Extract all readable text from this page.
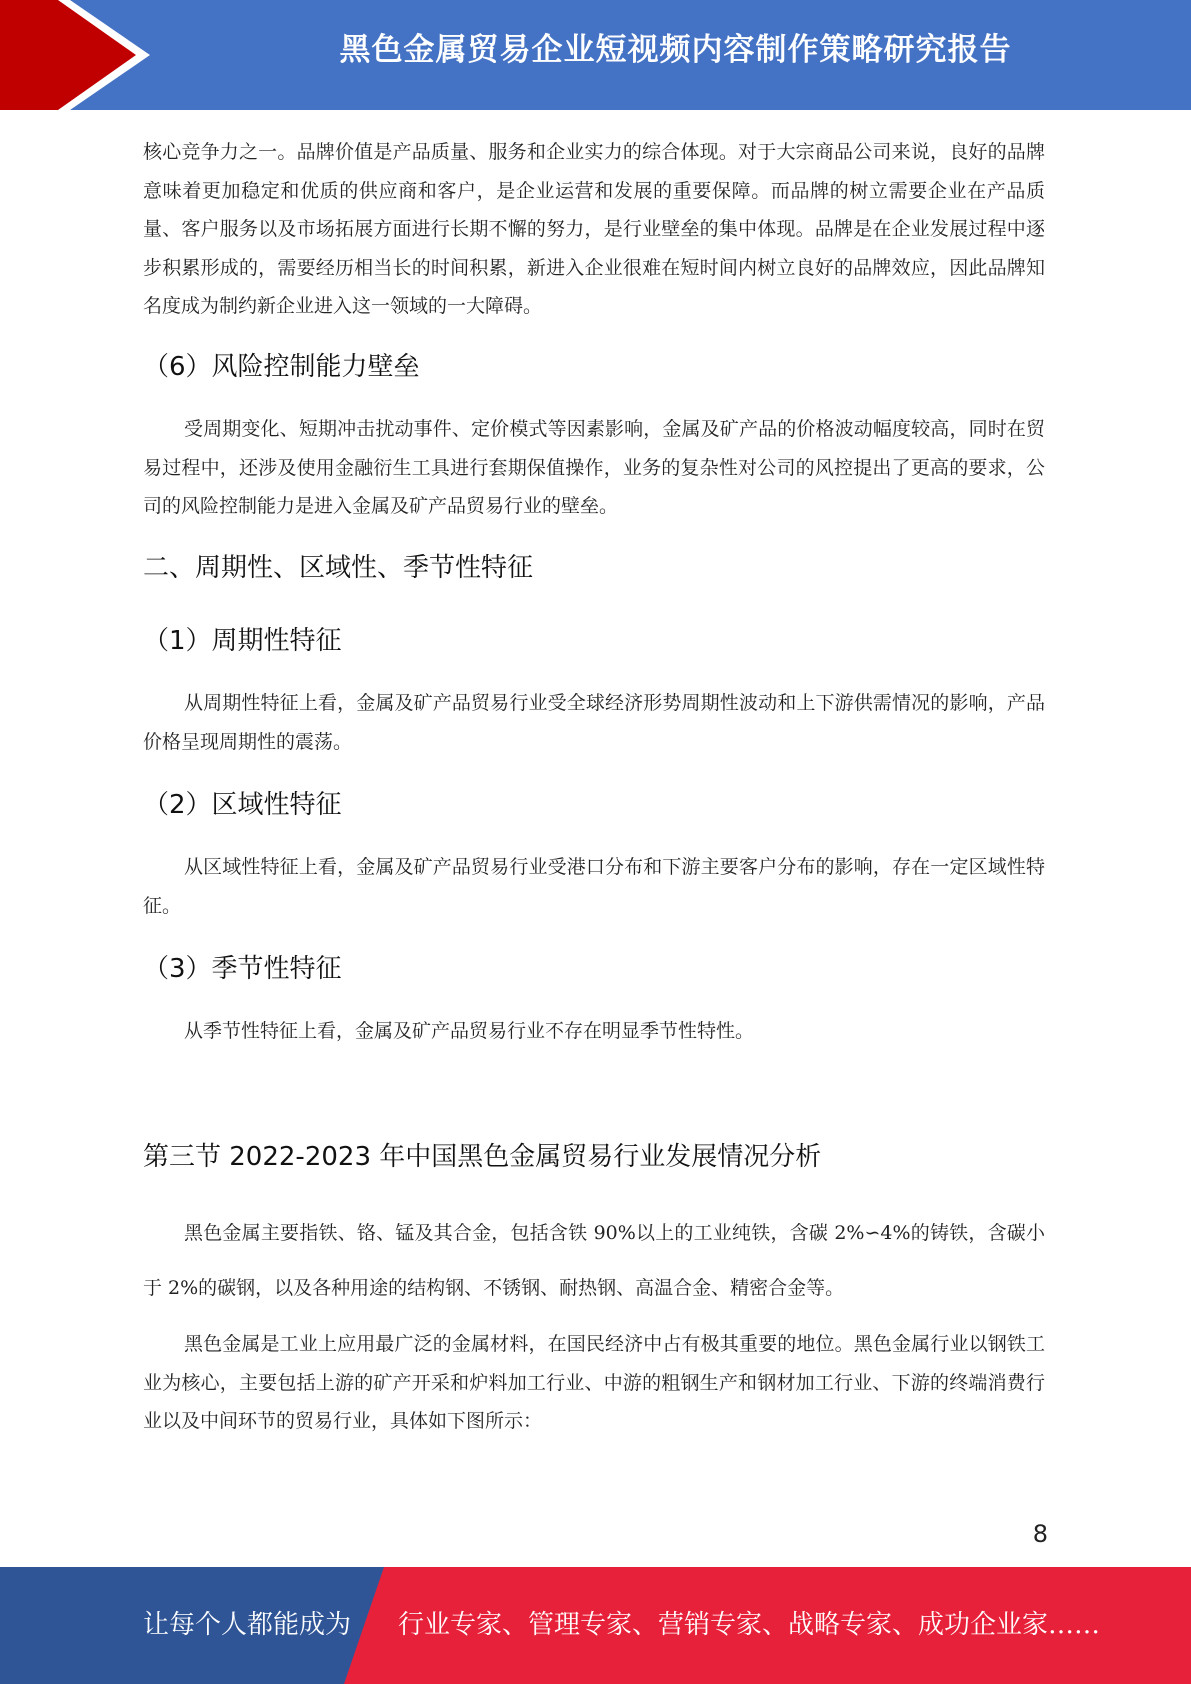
黑色金属贸易企业短视频内容制作策略研究报告

核心竞争力之一。品牌价值是产品质量、服务和企业实力的综合体现。对于大宗商品公司来说，良好的品牌意味着更加稳定和优质的供应商和客户，是企业运营和发展的重要保障。而品牌的树立需要企业在产品质量、客户服务以及市场拓展方面进行长期不懈的努力，是行业壁垒的集中体现。品牌是在企业发展过程中逐步积累形成的，需要经历相当长的时间积累，新进入企业很难在短时间内树立良好的品牌效应，因此品牌知名度成为制约新企业进入这一领域的一大障碍。

（6）风险控制能力壁垒

受周期变化、短期冲击扰动事件、定价模式等因素影响，金属及矿产品的价格波动幅度较高，同时在贸易过程中，还涉及使用金融衍生工具进行套期保值操作，业务的复杂性对公司的风控提出了更高的要求，公司的风险控制能力是进入金属及矿产品贸易行业的壁垒。

二、周期性、区域性、季节性特征
（1）周期性特征

从周期性特征上看，金属及矿产品贸易行业受全球经济形势周期性波动和上下游供需情况的影响，产品价格呈现周期性的震荡。

（2）区域性特征

从区域性特征上看，金属及矿产品贸易行业受港口分布和下游主要客户分布的影响，存在一定区域性特征。

（3）季节性特征

从季节性特征上看，金属及矿产品贸易行业不存在明显季节性特性。

第三节 2022-2023 年中国黑色金属贸易行业发展情况分析

黑色金属主要指铁、铬、锰及其合金，包括含铁 90%以上的工业纯铁，含碳 2%∽4%的铸铁，含碳小于 2%的碳钢，以及各种用途的结构钢、不锈钢、耐热钢、高温合金、精密合金等。

黑色金属是工业上应用最广泛的金属材料，在国民经济中占有极其重要的地位。黑色金属行业以钢铁工业为核心，主要包括上游的矿产开采和炉料加工行业、中游的粗钢生产和钢材加工行业、下游的终端消费行业以及中间环节的贸易行业，具体如下图所示：

8
让每个人都能成为 行业专家、管理专家、营销专家、战略专家、成功企业家……
